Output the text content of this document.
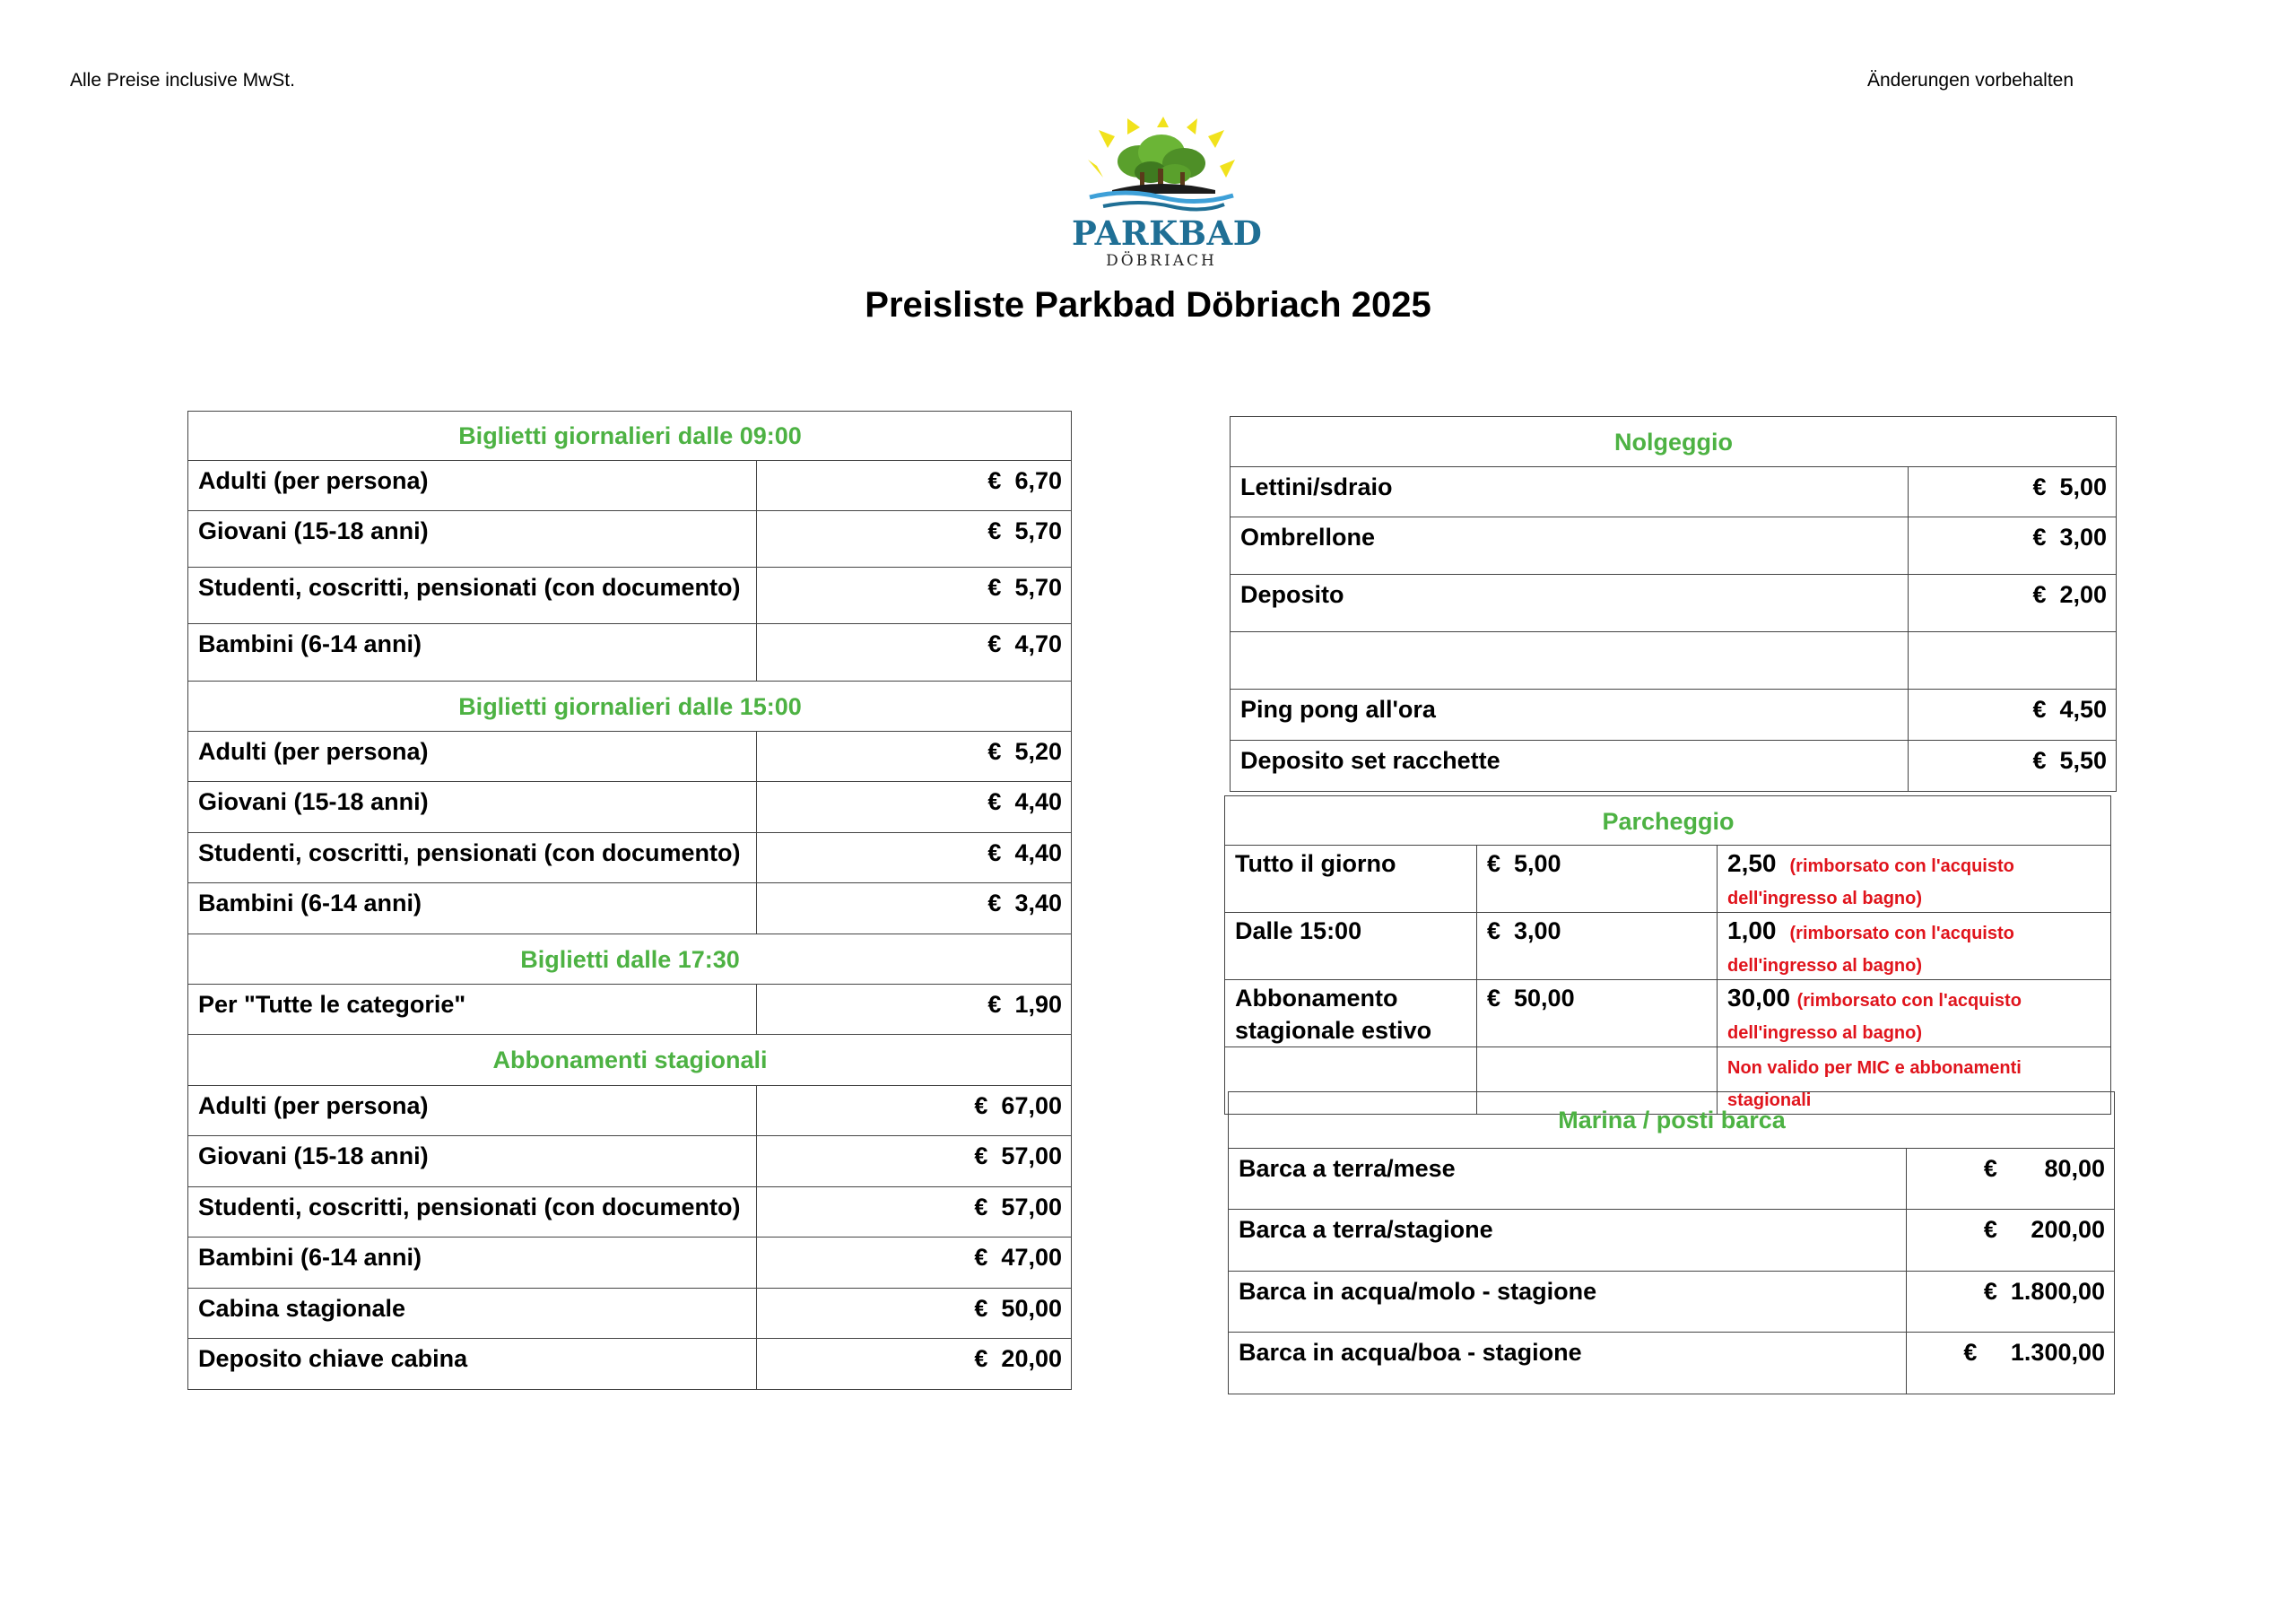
Alle Preise inclusive MwSt.	Änderungen vorbehalten
PARKBAD
DÖBRIACH
Preisliste Parkbad Döbriach 2025
Biglietti giornalieri dalle 09:00	
Adulti (per persona)	€  6,70
Giovani (15-18 anni)	€  5,70
Studenti, coscritti, pensionati (con documento)	€  5,70
Bambini (6-14 anni)	€  4,70
Biglietti giornalieri dalle 15:00	
Adulti (per persona)	€  5,20
Giovani (15-18 anni)	€  4,40
Studenti, coscritti, pensionati (con documento)	€  4,40
Bambini (6-14 anni)	€  3,40
Biglietti dalle 17:30	
Per "Tutte le categorie"	€  1,90
Abbonamenti stagionali	
Adulti (per persona)	€  67,00
Giovani (15-18 anni)	€  57,00
Studenti, coscritti, pensionati (con documento)	€  57,00
Bambini (6-14 anni)	€  47,00
Cabina stagionale	€  50,00
Deposito chiave cabina	€  20,00
Nolgeggio	
Lettini/sdraio	€  5,00
Ombrellone	€  3,00
Deposito	€  2,00

Ping pong all'ora	€  4,50
Deposito set racchette	€  5,50
Parcheggio		
Tutto il giorno	€  5,00	2,50 (rimborsato con l'acquisto dell'ingresso al bagno)
Dalle 15:00	€  3,00	1,00 (rimborsato con l'acquisto dell'ingresso al bagno)
Abbonamento stagionale estivo	€  50,00	30,00 (rimborsato con l'acquisto dell'ingresso al bagno)
		Non valido per MIC e abbonamenti stagionali
Marina / posti barca	
Barca a terra/mese	€       80,00
Barca a terra/stagione	€     200,00
Barca in acqua/molo - stagione	€  1.800,00
Barca in acqua/boa - stagione	€     1.300,00
